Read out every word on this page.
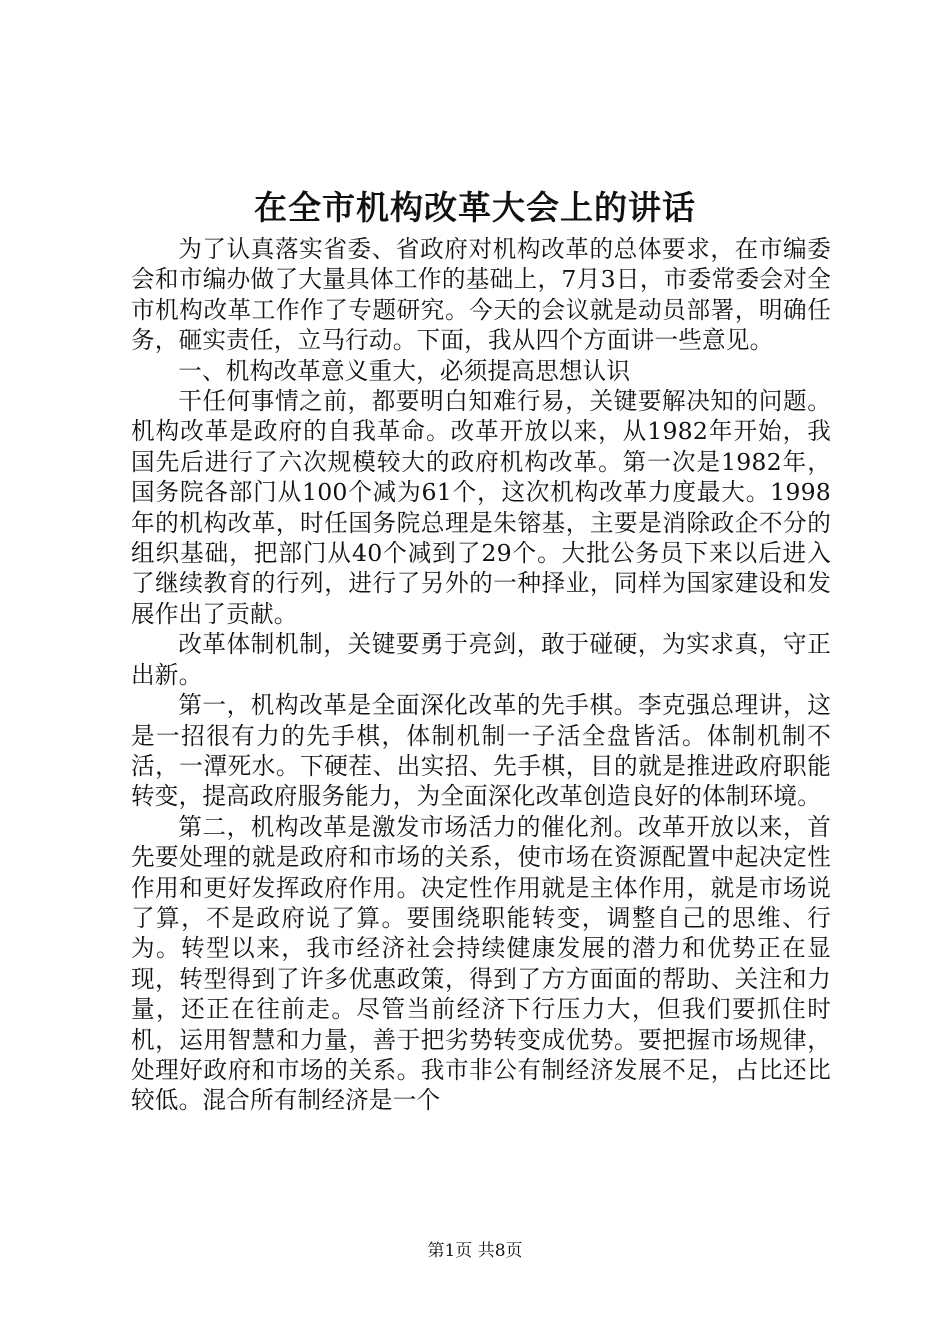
在全市机构改革大会上的讲话

为了认真落实省委、省政府对机构改革的总体要求，在市编委会和市编办做了大量具体工作的基础上，7月3日，市委常委会对全市机构改革工作作了专题研究。今天的会议就是动员部署，明确任务，砸实责任，立马行动。下面，我从四个方面讲一些意见。

一、机构改革意义重大，必须提高思想认识

干任何事情之前，都要明白知难行易，关键要解决知的问题。机构改革是政府的自我革命。改革开放以来，从1982年开始，我国先后进行了六次规模较大的政府机构改革。第一次是1982年，国务院各部门从100个减为61个，这次机构改革力度最大。1998年的机构改革，时任国务院总理是朱镕基，主要是消除政企不分的组织基础，把部门从40个减到了29个。大批公务员下来以后进入了继续教育的行列，进行了另外的一种择业，同样为国家建设和发展作出了贡献。

改革体制机制，关键要勇于亮剑，敢于碰硬，为实求真，守正出新。

第一，机构改革是全面深化改革的先手棋。李克强总理讲，这是一招很有力的先手棋，体制机制一子活全盘皆活。体制机制不活，一潭死水。下硬茬、出实招、先手棋，目的就是推进政府职能转变，提高政府服务能力，为全面深化改革创造良好的体制环境。

第二，机构改革是激发市场活力的催化剂。改革开放以来，首先要处理的就是政府和市场的关系，使市场在资源配置中起决定性作用和更好发挥政府作用。决定性作用就是主体作用，就是市场说了算，不是政府说了算。要围绕职能转变，调整自己的思维、行为。转型以来，我市经济社会持续健康发展的潜力和优势正在显现，转型得到了许多优惠政策，得到了方方面面的帮助、关注和力量，还正在往前走。尽管当前经济下行压力大，但我们要抓住时机，运用智慧和力量，善于把劣势转变成优势。要把握市场规律，处理好政府和市场的关系。我市非公有制经济发展不足，占比还比较低。混合所有制经济是一个

第1页 共8页
